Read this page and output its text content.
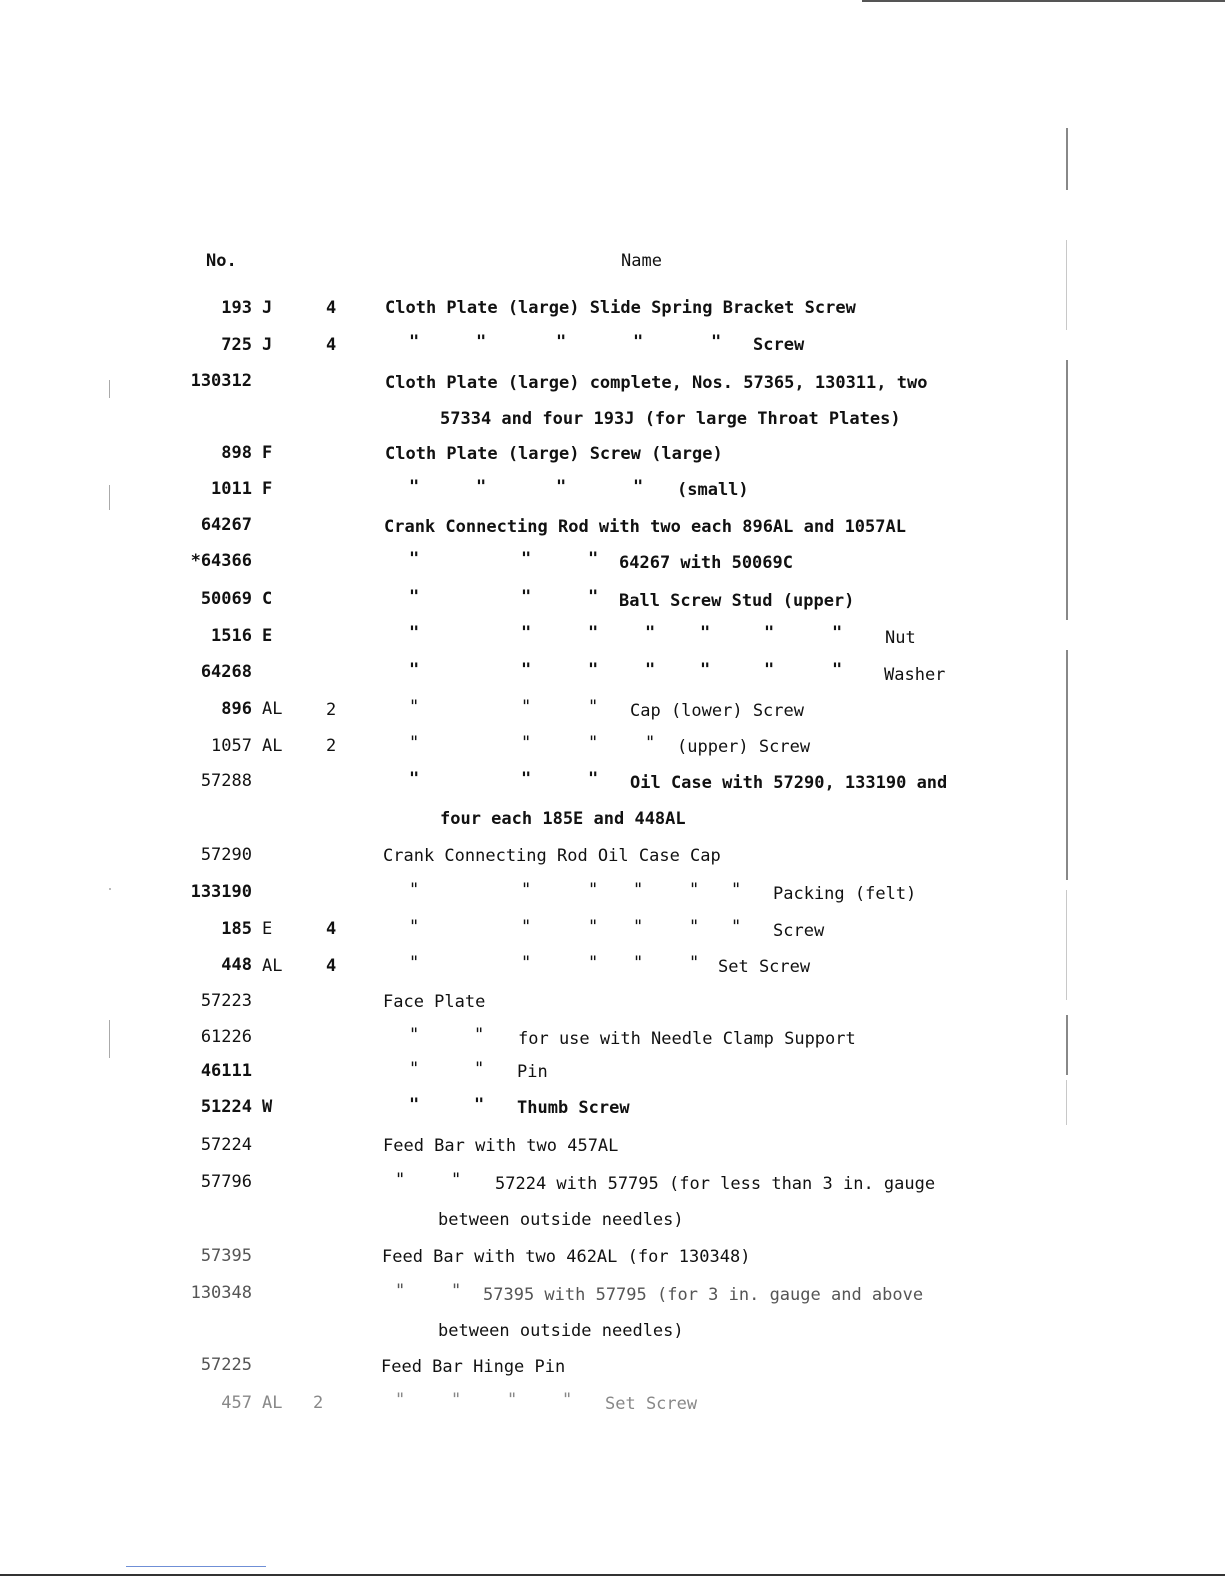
No.	Name
193 J	4	Cloth Plate (large) Slide Spring Bracket Screw
725 J	4	"	"	"	"	" Screw
130312	Cloth Plate (large) complete, Nos. 57365, 130311, two
57334 and four 193J (for large Throat Plates)
898 F	Cloth Plate (large) Screw (large)
1011 F	"	"	"	" (small)
64267	Crank Connecting Rod with two each 896AL and 1057AL
*64366	"	"	" 64267 with 50069C
50069 C	"	"	" Ball Screw Stud (upper)
1516 E	"	"	"	"	"	"	"	Nut
64268	"	"	"	"	"	"	" Washer
896 AL	2	"	"	" Cap (lower) Screw
1057 AL	2	"	"	"	" (upper) Screw
57288	"	"	" Oil Case with 57290, 133190 and
four each 185E and 448AL
57290	Crank Connecting Rod Oil Case Cap
133190	"	"	" "	" " Packing (felt)
185 E	4	"	"	" "	" " Screw
448 AL	4	"	"	" "	" Set Screw
57223	Face Plate
61226	"	" for use with Needle Clamp Support
46111	"	" Pin
51224 W	"	" Thumb Screw
57224	Feed Bar with two 457AL
57796	"	" 57224 with 57795 (for less than 3 in. gauge
between outside needles)
57395	Feed Bar with two 462AL (for 130348)
130348	"	" 57395 with 57795 (for 3 in. gauge and above
between outside needles)
57225	Feed Bar Hinge Pin
457 AL 2	"	"	"	" Set Screw
